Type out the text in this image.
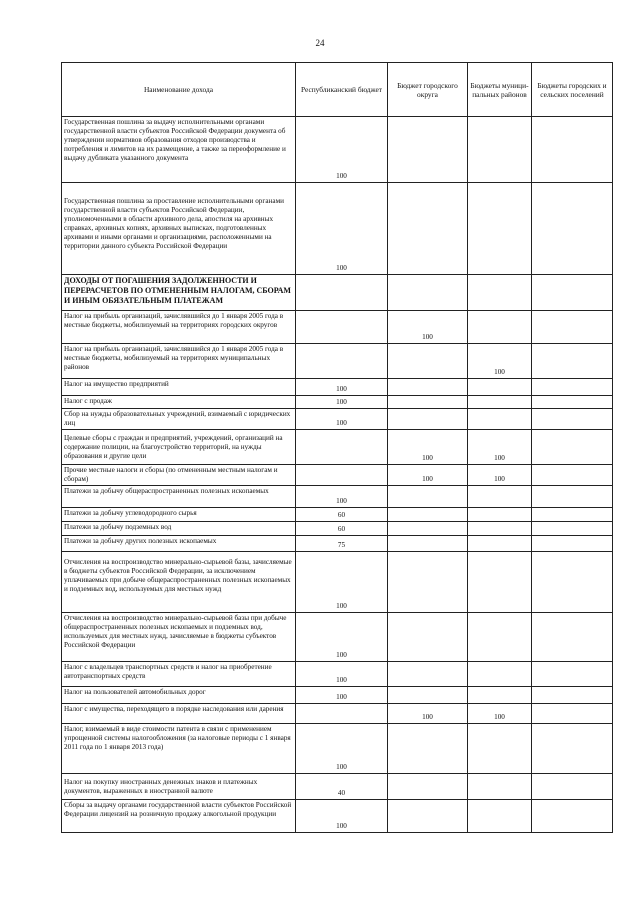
24
Наименование дохода	Республиканский бюджет	Бюджет городского округа	Бюджеты муници-пальных районов	Бюджеты городских и сельских поселений
Государственная пошлина за выдачу исполнительными органами государственной власти субъектов Российской Федерации документа об утверждении нормативов образования отходов производства и потребления и лимитов на их размещение, а также за переоформление и выдачу дубликата указанного документа	100			
Государственная пошлина за проставление исполнительными органами государственной власти субъектов Российской Федерации, уполномоченными в области архивного дела, апостиля на архивных справках, архивных копиях, архивных выписках, подготовленных архивами и иными органами и организациями, расположенными на территории данного субъекта Российской Федерации	100			
ДОХОДЫ ОТ ПОГАШЕНИЯ ЗАДОЛЖЕННОСТИ И ПЕРЕРАСЧЕТОВ ПО ОТМЕНЕННЫМ НАЛОГАМ, СБОРАМ И ИНЫМ ОБЯЗАТЕЛЬНЫМ ПЛАТЕЖАМ				
Налог на прибыль организаций, зачислявшийся до 1 января 2005 года в местные бюджеты, мобилизуемый на территориях городских округов		100		
Налог на прибыль организаций, зачислявшийся до 1 января 2005 года в местные бюджеты, мобилизуемый на территориях муниципальных районов			100	
Налог на имущество предприятий	100			
Налог с продаж	100			
Сбор на нужды образовательных учреждений, взимаемый с юридических лиц	100			
Целевые сборы с граждан и предприятий, учреждений, организаций на содержание полиции, на благоустройство территорий, на нужды образования и другие цели		100	100	
Прочие местные налоги и сборы (по отмененным местным налогам и сборам)		100	100	
Платежи за добычу общераспространенных полезных ископаемых	100			
Платежи за добычу углеводородного сырья	60			
Платежи за добычу подземных вод	60			
Платежи за добычу других полезных ископаемых	75			
Отчисления на воспроизводство минерально-сырьевой базы, зачисляемые в бюджеты субъектов Российской Федерации, за исключением уплачиваемых при добыче общераспространенных полезных ископаемых и подземных вод, используемых для местных нужд	100			
Отчисления на воспроизводство минерально-сырьевой базы при добыче общераспространенных полезных ископаемых и подземных вод, используемых для местных нужд, зачисляемые в бюджеты субъектов Российской Федерации	100			
Налог с владельцев транспортных средств и налог на приобретение автотранспортных средств	100			
Налог на пользователей автомобильных дорог	100			
Налог с имущества, переходящего в порядке наследования или дарения		100	100	
Налог, взимаемый в виде стоимости патента в связи с применением упрощенной системы налогообложения (за налоговые периоды с 1 января 2011 года по 1 января 2013 года)	100			
Налог на покупку иностранных денежных знаков и платежных документов, выраженных в иностранной валюте	40			
Сборы за выдачу органами государственной власти субъектов Российской Федерации лицензий на розничную продажу алкогольной продукции	100			
